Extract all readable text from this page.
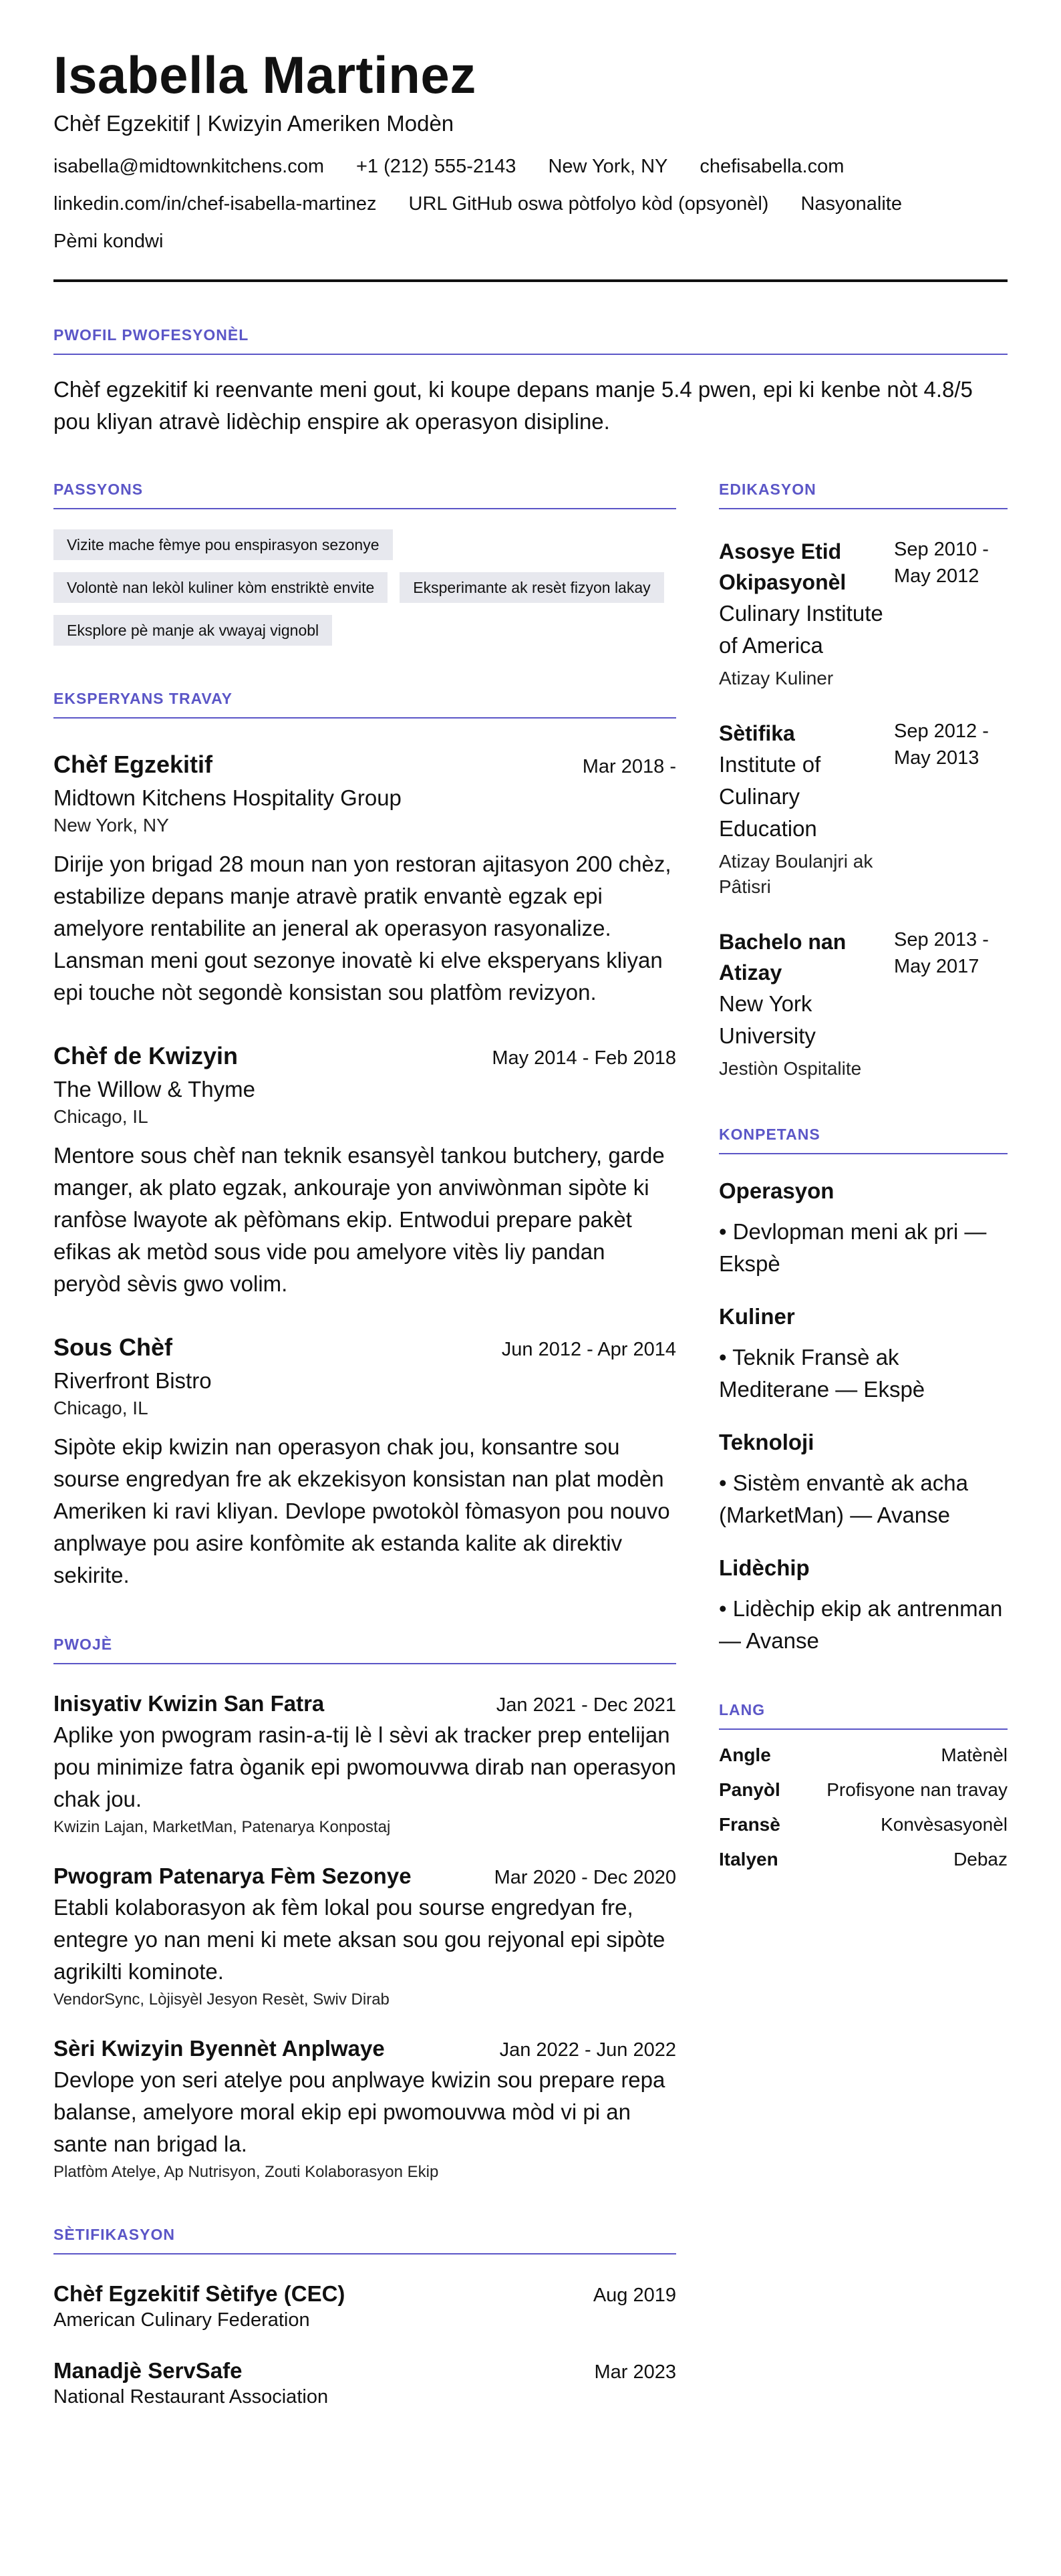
Isabella Martinez
Chèf Egzekitif | Kwizyin Ameriken Modèn
isabella@midtownkitchens.com +1 (212) 555-2143 New York, NY chefisabella.com
linkedin.com/in/chef-isabella-martinez URL GitHub oswa pòtfolyo kòd (opsyonèl) Nasyonalite
Pèmi kondwi
PWOFIL PWOFESYONÈL

Chèf egzekitif ki reenvante meni gout, ki koupe depans manje 5.4 pwen, epi ki kenbe nòt 4.8/5 pou kliyan atravè lidèchip enspire ak operasyon disipline.

PASSYONS
Vizite mache fèmye pou enspirasyon sezonye
Volontè nan lekòl kuliner kòm enstriktè envite	Eksperimante ak resèt fizyon lakay
Eksplore pè manje ak vwayaj vignobl
EKSPERYANS TRAVAY
Chèf Egzekitif	Mar 2018 -
Midtown Kitchens Hospitality Group
New York, NY
Dirije yon brigad 28 moun nan yon restoran ajitasyon 200 chèz, estabilize depans manje atravè pratik envantè egzak epi amelyore rentabilite an jeneral ak operasyon rasyonalize. Lansman meni gout sezonye inovatè ki elve eksperyans kliyan epi touche nòt segondè konsistan sou platfòm revizyon.
Chèf de Kwizyin	May 2014 - Feb 2018
The Willow & Thyme
Chicago, IL
Mentore sous chèf nan teknik esansyèl tankou butchery, garde manger, ak plato egzak, ankouraje yon anviwònman sipòte ki ranfòse lwayote ak pèfòmans ekip. Entwodui prepare pakèt efikas ak metòd sous vide pou amelyore vitès liy pandan peryòd sèvis gwo volim.
Sous Chèf	Jun 2012 - Apr 2014
Riverfront Bistro
Chicago, IL
Sipòte ekip kwizin nan operasyon chak jou, konsantre sou sourse engredyan fre ak ekzekisyon konsistan nan plat modèn Ameriken ki ravi kliyan. Devlope pwotokòl fòmasyon pou nouvo anplwaye pou asire konfòmite ak estanda kalite ak direktiv sekirite.
PWOJÈ
Inisyativ Kwizin San Fatra	Jan 2021 - Dec 2021
Aplike yon pwogram rasin-a-tij lè l sèvi ak tracker prep entelijan pou minimize fatra òganik epi pwomouvwa dirab nan operasyon chak jou.
Kwizin Lajan, MarketMan, Patenarya Konpostaj
Pwogram Patenarya Fèm Sezonye	Mar 2020 - Dec 2020
Etabli kolaborasyon ak fèm lokal pou sourse engredyan fre, entegre yo nan meni ki mete aksan sou gou rejyonal epi sipòte agrikilti kominote.
VendorSync, Lòjisyèl Jesyon Resèt, Swiv Dirab
Sèri Kwizyin Byennèt Anplwaye	Jan 2022 - Jun 2022
Devlope yon seri atelye pou anplwaye kwizin sou prepare repa balanse, amelyore moral ekip epi pwomouvwa mòd vi pi an sante nan brigad la.
Platfòm Atelye, Ap Nutrisyon, Zouti Kolaborasyon Ekip
SÈTIFIKASYON
Chèf Egzekitif Sètifye (CEC)	Aug 2019
American Culinary Federation
Manadjè ServSafe	Mar 2023
National Restaurant Association
EDIKASYON
Asosye Etid Okipasyonèl
Culinary Institute of America
Atizay Kuliner
Sep 2010 - May 2012
Sètifika
Institute of Culinary Education
Atizay Boulanjri ak Pâtisri
Sep 2012 - May 2013
Bachelo nan Atizay
New York University
Jestiòn Ospitalite
Sep 2013 - May 2017
KONPETANS
Operasyon
• Devlopman meni ak pri — Ekspè
Kuliner
• Teknik Fransè ak Mediterane — Ekspè
Teknoloji
• Sistèm envantè ak acha (MarketMan) — Avanse
Lidèchip
• Lidèchip ekip ak antrenman — Avanse
LANG
Angle	Matènèl
Panyòl Profisyone nan travay
Fransè	Konvèsasyonèl
Italyen	Debaz
